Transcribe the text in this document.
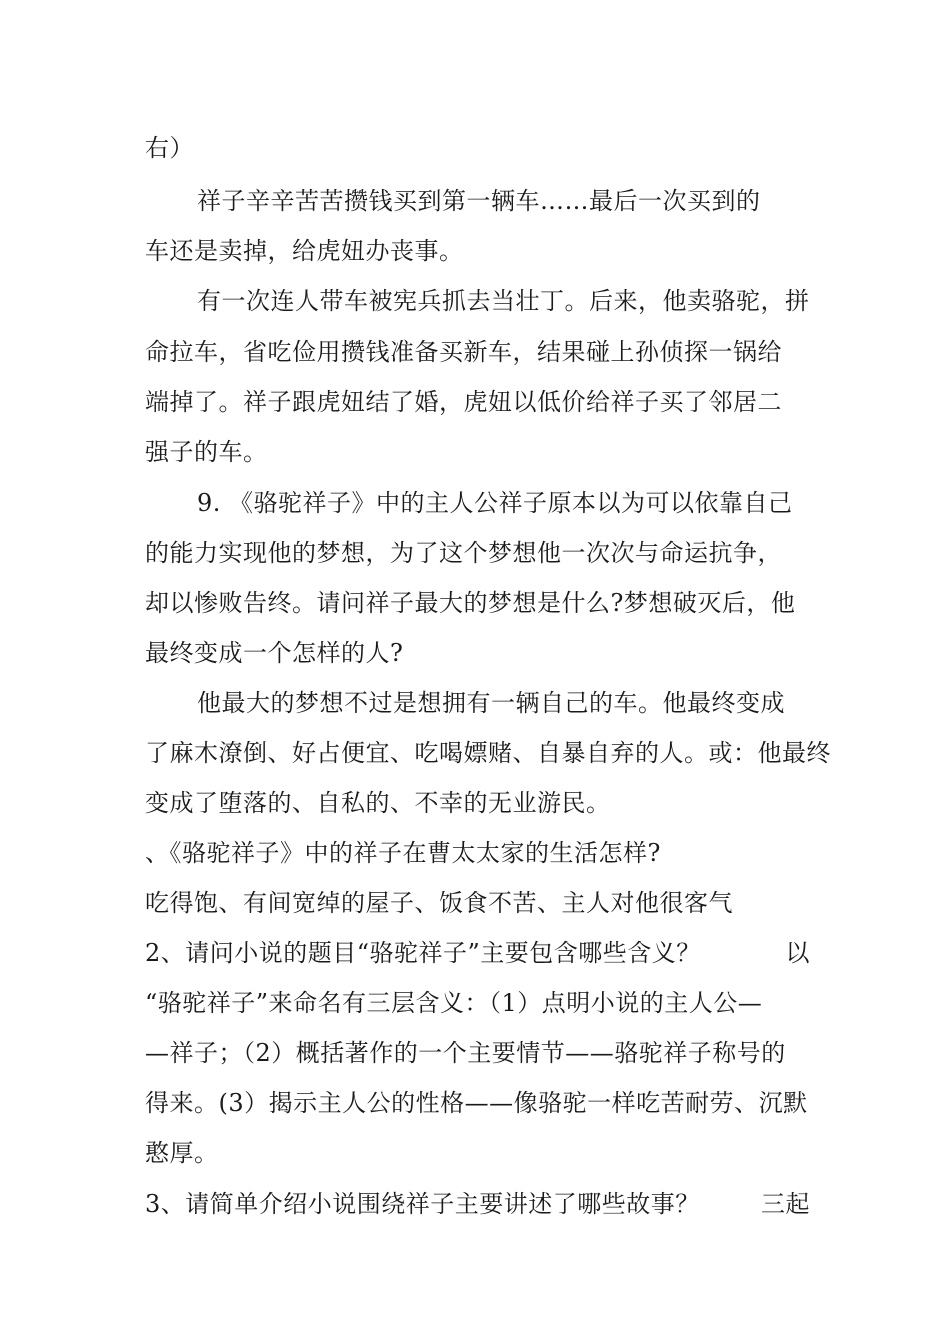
右）
祥子辛辛苦苦攒钱买到第一辆车……最后一次买到的
车还是卖掉，给虎妞办丧事。
有一次连人带车被宪兵抓去当壮丁。后来，他卖骆驼，拼
命拉车，省吃俭用攒钱准备买新车，结果碰上孙侦探一锅给
端掉了。祥子跟虎妞结了婚，虎妞以低价给祥子买了邻居二
强子的车。
9. 《骆驼祥子》中的主人公祥子原本以为可以依靠自己
的能力实现他的梦想，为了这个梦想他一次次与命运抗争，
却以惨败告终。请问祥子最大的梦想是什么?梦想破灭后，他
最终变成一个怎样的人?
他最大的梦想不过是想拥有一辆自己的车。他最终变成
了麻木潦倒、好占便宜、吃喝嫖赌、自暴自弃的人。或：他最终
变成了堕落的、自私的、不幸的无业游民。
、《骆驼祥子》中的祥子在曹太太家的生活怎样?
吃得饱、有间宽绰的屋子、饭食不苦、主人对他很客气
2、请问小说的题目“骆驼祥子”主要包含哪些含义？	以
“骆驼祥子”来命名有三层含义：（1）点明小说的主人公—
—祥子；（2）概括著作的一个主要情节——骆驼祥子称号的
得来。(3）揭示主人公的性格——像骆驼一样吃苦耐劳、沉默
憨厚。
3、请简单介绍小说围绕祥子主要讲述了哪些故事？	三起
